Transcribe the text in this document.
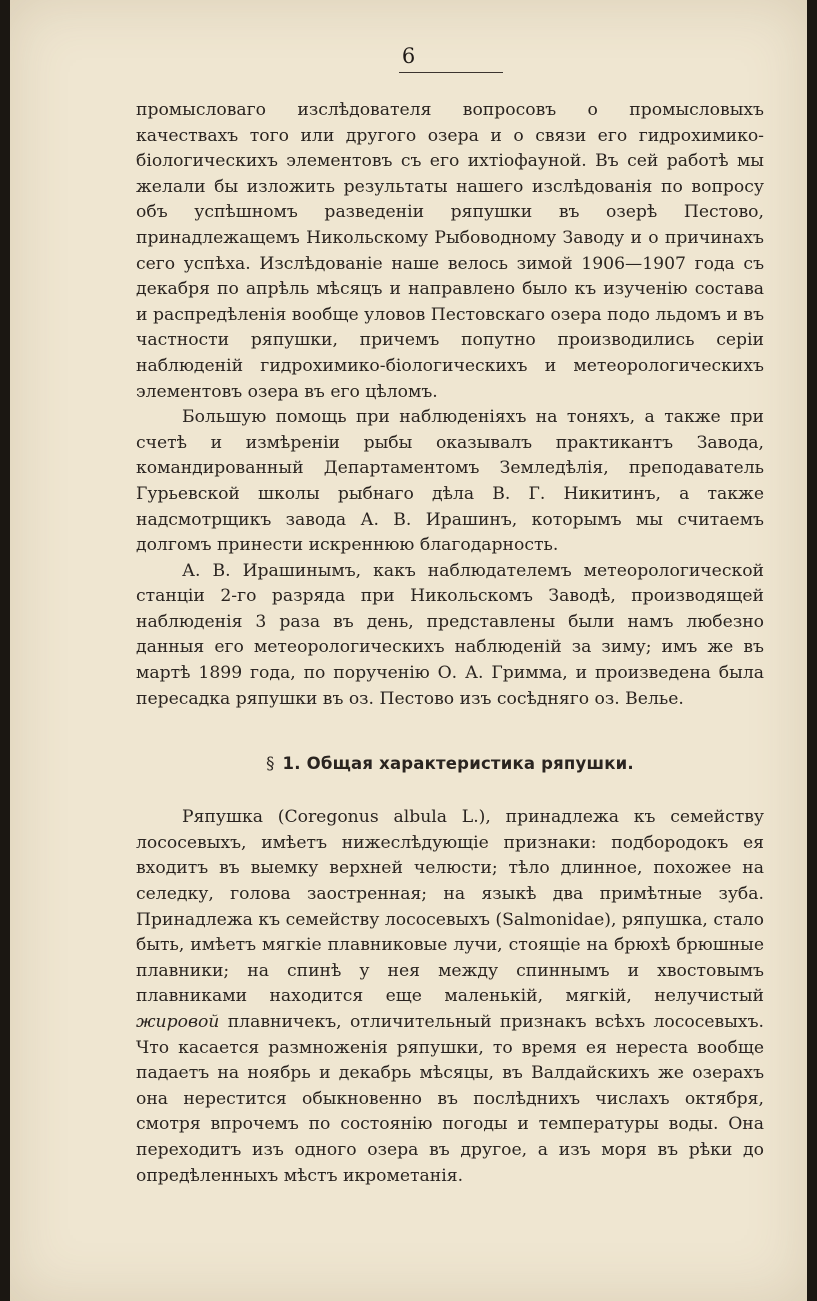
6

промысловаго изслѣдователя вопросовъ о промысловыхъ качествахъ того или другого озера и о связи его гидрохимико-біологическихъ элементовъ съ его ихтіофауной. Въ сей работѣ мы желали бы изложить результаты нашего изслѣдованія по вопросу объ успѣшномъ разведеніи ряпушки въ озерѣ Пестово, принадлежащемъ Никольскому Рыбоводному Заводу и о причинахъ сего успѣха. Изслѣдованіе наше велось зимой 1906—1907 года съ декабря по апрѣль мѣсяцъ и направлено было къ изученію состава и распредѣленія вообще уловов Пестовскаго озера подо льдомъ и въ частности ряпушки, причемъ попутно производились серіи наблюденій гидрохимико-біологическихъ и метеорологическихъ элементовъ озера въ его цѣломъ.

Большую помощь при наблюденіяхъ на тоняхъ, а также при счетѣ и измѣреніи рыбы оказывалъ практикантъ Завода, командированный Департаментомъ Земледѣлія, преподаватель Гурьевской школы рыбнаго дѣла В. Г. Никитинъ, а также надсмотрщикъ завода А. В. Ирашинъ, которымъ мы считаемъ долгомъ принести искреннюю благодарность.

А. В. Ирашинымъ, какъ наблюдателемъ метеорологической станціи 2-го разряда при Никольскомъ Заводѣ, производящей наблюденія 3 раза въ день, представлены были намъ любезно данныя его метеорологическихъ наблюденій за зиму; имъ же въ мартѣ 1899 года, по порученію О. А. Гримма, и произведена была пересадка ряпушки въ оз. Пестово изъ сосѣдняго оз. Велье.

§ 1. Общая характеристика ряпушки.

Ряпушка (Coregonus albula L.), принадлежа къ семейству лососевыхъ, имѣетъ нижеслѣдующіе признаки: подбородокъ ея входитъ въ выемку верхней челюсти; тѣло длинное, похожее на селедку, голова заостренная; на языкѣ два примѣтные зуба. Принадлежа къ семейству лососевыхъ (Salmonidae), ряпушка, стало быть, имѣетъ мягкіе плавниковые лучи, стоящіе на брюхѣ брюшные плавники; на спинѣ у нея между спиннымъ и хвостовымъ плавниками находится еще маленькій, мягкій, нелучистый жировой плавничекъ, отличительный признакъ всѣхъ лососевыхъ. Что касается размноженія ряпушки, то время ея нереста вообще падаетъ на ноябрь и декабрь мѣсяцы, въ Валдайскихъ же озерахъ она нерестится обыкновенно въ послѣднихъ числахъ октября, смотря впрочемъ по состоянію погоды и температуры воды. Она переходитъ изъ одного озера въ другое, а изъ моря въ рѣки до опредѣленныхъ мѣстъ икрометанія.
